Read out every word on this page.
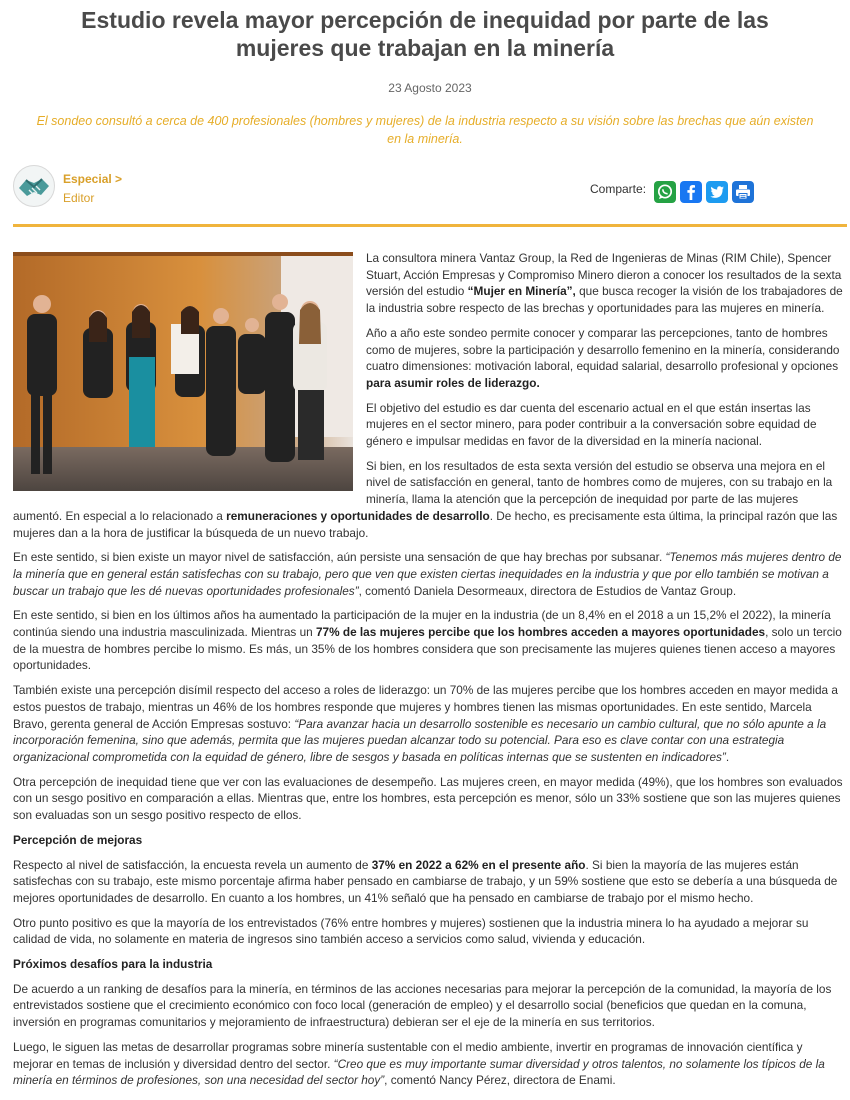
Estudio revela mayor percepción de inequidad por parte de las mujeres que trabajan en la minería
23 Agosto 2023
El sondeo consultó a cerca de 400 profesionales (hombres y mujeres) de la industria respecto a su visión sobre las brechas que aún existen en la minería.
Especial >
Editor
Comparte:

La consultora minera Vantaz Group, la Red de Ingenieras de Minas (RIM Chile), Spencer Stuart, Acción Empresas y Compromiso Minero dieron a conocer los resultados de la sexta versión del estudio “Mujer en Minería”, que busca recoger la visión de los trabajadores de la industria sobre respecto de las brechas y oportunidades para las mujeres en minería.

Año a año este sondeo permite conocer y comparar las percepciones, tanto de hombres como de mujeres, sobre la participación y desarrollo femenino en la minería, considerando cuatro dimensiones: motivación laboral, equidad salarial, desarrollo profesional y opciones para asumir roles de liderazgo.

El objetivo del estudio es dar cuenta del escenario actual en el que están insertas las mujeres en el sector minero, para poder contribuir a la conversación sobre equidad de género e impulsar medidas en favor de la diversidad en la minería nacional.

Si bien, en los resultados de esta sexta versión del estudio se observa una mejora en el nivel de satisfacción en general, tanto de hombres como de mujeres, con su trabajo en la minería, llama la atención que la percepción de inequidad por parte de las mujeres aumentó. En especial a lo relacionado a remuneraciones y oportunidades de desarrollo. De hecho, es precisamente esta última, la principal razón que las mujeres dan a la hora de justificar la búsqueda de un nuevo trabajo.

En este sentido, si bien existe un mayor nivel de satisfacción, aún persiste una sensación de que hay brechas por subsanar. “Tenemos más mujeres dentro de la minería que en general están satisfechas con su trabajo, pero que ven que existen ciertas inequidades en la industria y que por ello también se motivan a buscar un trabajo que les dé nuevas oportunidades profesionales”, comentó Daniela Desormeaux, directora de Estudios de Vantaz Group.

En este sentido, si bien en los últimos años ha aumentado la participación de la mujer en la industria (de un 8,4% en el 2018 a un 15,2% el 2022), la minería continúa siendo una industria masculinizada. Mientras un 77% de las mujeres percibe que los hombres acceden a mayores oportunidades, solo un tercio de la muestra de hombres percibe lo mismo. Es más, un 35% de los hombres considera que son precisamente las mujeres quienes tienen acceso a mayores oportunidades.

También existe una percepción disímil respecto del acceso a roles de liderazgo: un 70% de las mujeres percibe que los hombres acceden en mayor medida a estos puestos de trabajo, mientras un 46% de los hombres responde que mujeres y hombres tienen las mismas oportunidades. En este sentido, Marcela Bravo, gerenta general de Acción Empresas sostuvo: “Para avanzar hacia un desarrollo sostenible es necesario un cambio cultural, que no sólo apunte a la incorporación femenina, sino que además, permita que las mujeres puedan alcanzar todo su potencial. Para eso es clave contar con una estrategia organizacional comprometida con la equidad de género, libre de sesgos y basada en políticas internas que se sustenten en indicadores”.

Otra percepción de inequidad tiene que ver con las evaluaciones de desempeño. Las mujeres creen, en mayor medida (49%), que los hombres son evaluados con un sesgo positivo en comparación a ellas. Mientras que, entre los hombres, esta percepción es menor, sólo un 33% sostiene que son las mujeres quienes son evaluadas son un sesgo positivo respecto de ellos.

Percepción de mejoras

Respecto al nivel de satisfacción, la encuesta revela un aumento de 37% en 2022 a 62% en el presente año. Si bien la mayoría de las mujeres están satisfechas con su trabajo, este mismo porcentaje afirma haber pensado en cambiarse de trabajo, y un 59% sostiene que esto se debería a una búsqueda de mejores oportunidades de desarrollo. En cuanto a los hombres, un 41% señaló que ha pensado en cambiarse de trabajo por el mismo hecho.

Otro punto positivo es que la mayoría de los entrevistados (76% entre hombres y mujeres) sostienen que la industria minera lo ha ayudado a mejorar su calidad de vida, no solamente en materia de ingresos sino también acceso a servicios como salud, vivienda y educación.

Próximos desafíos para la industria

De acuerdo a un ranking de desafíos para la minería, en términos de las acciones necesarias para mejorar la percepción de la comunidad, la mayoría de los entrevistados sostiene que el crecimiento económico con foco local (generación de empleo) y el desarrollo social (beneficios que quedan en la comuna, inversión en programas comunitarios y mejoramiento de infraestructura) debieran ser el eje de la minería en sus territorios.

Luego, le siguen las metas de desarrollar programas sobre minería sustentable con el medio ambiente, invertir en programas de innovación científica y mejorar en temas de inclusión y diversidad dentro del sector. “Creo que es muy importante sumar diversidad y otros talentos, no solamente los típicos de la minería en términos de profesiones, son una necesidad del sector hoy”, comentó Nancy Pérez, directora de Enami.
